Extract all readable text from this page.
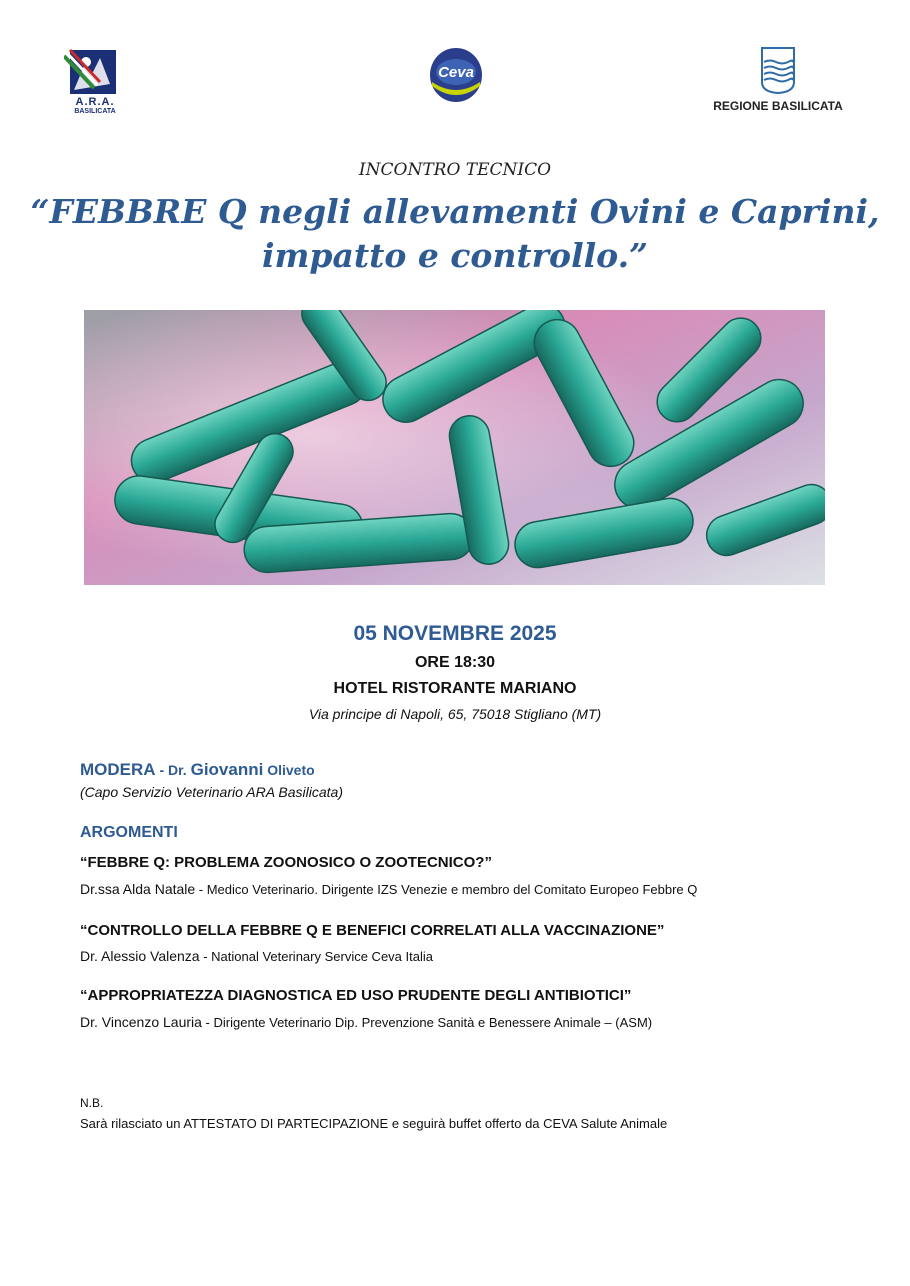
A.R.A.
BASILICATA
Ceva
REGIONE BASILICATA
INCONTRO TECNICO
“FEBBRE Q negli allevamenti Ovini e Caprini,
impatto e controllo.”
05 NOVEMBRE 2025
ORE 18:30
HOTEL RISTORANTE MARIANO
Via principe di Napoli, 65, 75018 Stigliano (MT)
MODERA - Dr. Giovanni Oliveto
(Capo Servizio Veterinario ARA Basilicata)
ARGOMENTI
“FEBBRE Q: PROBLEMA ZOONOSICO O ZOOTECNICO?”
Dr.ssa Alda Natale - Medico Veterinario. Dirigente IZS Venezie e membro del Comitato Europeo Febbre Q
“CONTROLLO DELLA FEBBRE Q E BENEFICI CORRELATI ALLA VACCINAZIONE”
Dr. Alessio Valenza - National Veterinary Service Ceva Italia
“APPROPRIATEZZA DIAGNOSTICA ED USO PRUDENTE DEGLI ANTIBIOTICI”
Dr. Vincenzo Lauria - Dirigente Veterinario Dip. Prevenzione Sanità e Benessere Animale – (ASM)
N.B.
Sarà rilasciato un ATTESTATO DI PARTECIPAZIONE e seguirà buffet offerto da CEVA Salute Animale
